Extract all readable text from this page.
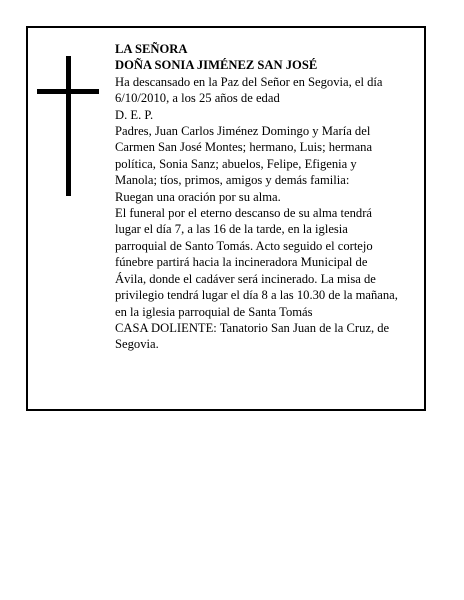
LA SEÑORA
DOÑA SONIA JIMÉNEZ SAN JOSÉ
Ha descansado en la Paz del Señor en Segovia, el día
6/10/2010, a los 25 años de edad
D. E. P.
Padres, Juan Carlos Jiménez Domingo y María del
Carmen San José Montes; hermano, Luis; hermana
política, Sonia Sanz; abuelos, Felipe, Efigenia y
Manola; tíos, primos, amigos y demás familia:
Ruegan una oración por su alma.
El funeral por el eterno descanso de su alma tendrá
lugar el día 7, a las 16 de la tarde, en la iglesia
parroquial de Santo Tomás. Acto seguido el cortejo
fúnebre partirá hacia la incineradora Municipal de
Ávila, donde el cadáver será incinerado. La misa de
privilegio tendrá lugar el día 8 a las 10.30 de la mañana,
en la iglesia parroquial de Santa Tomás
CASA DOLIENTE: Tanatorio San Juan de la Cruz, de
Segovia.
